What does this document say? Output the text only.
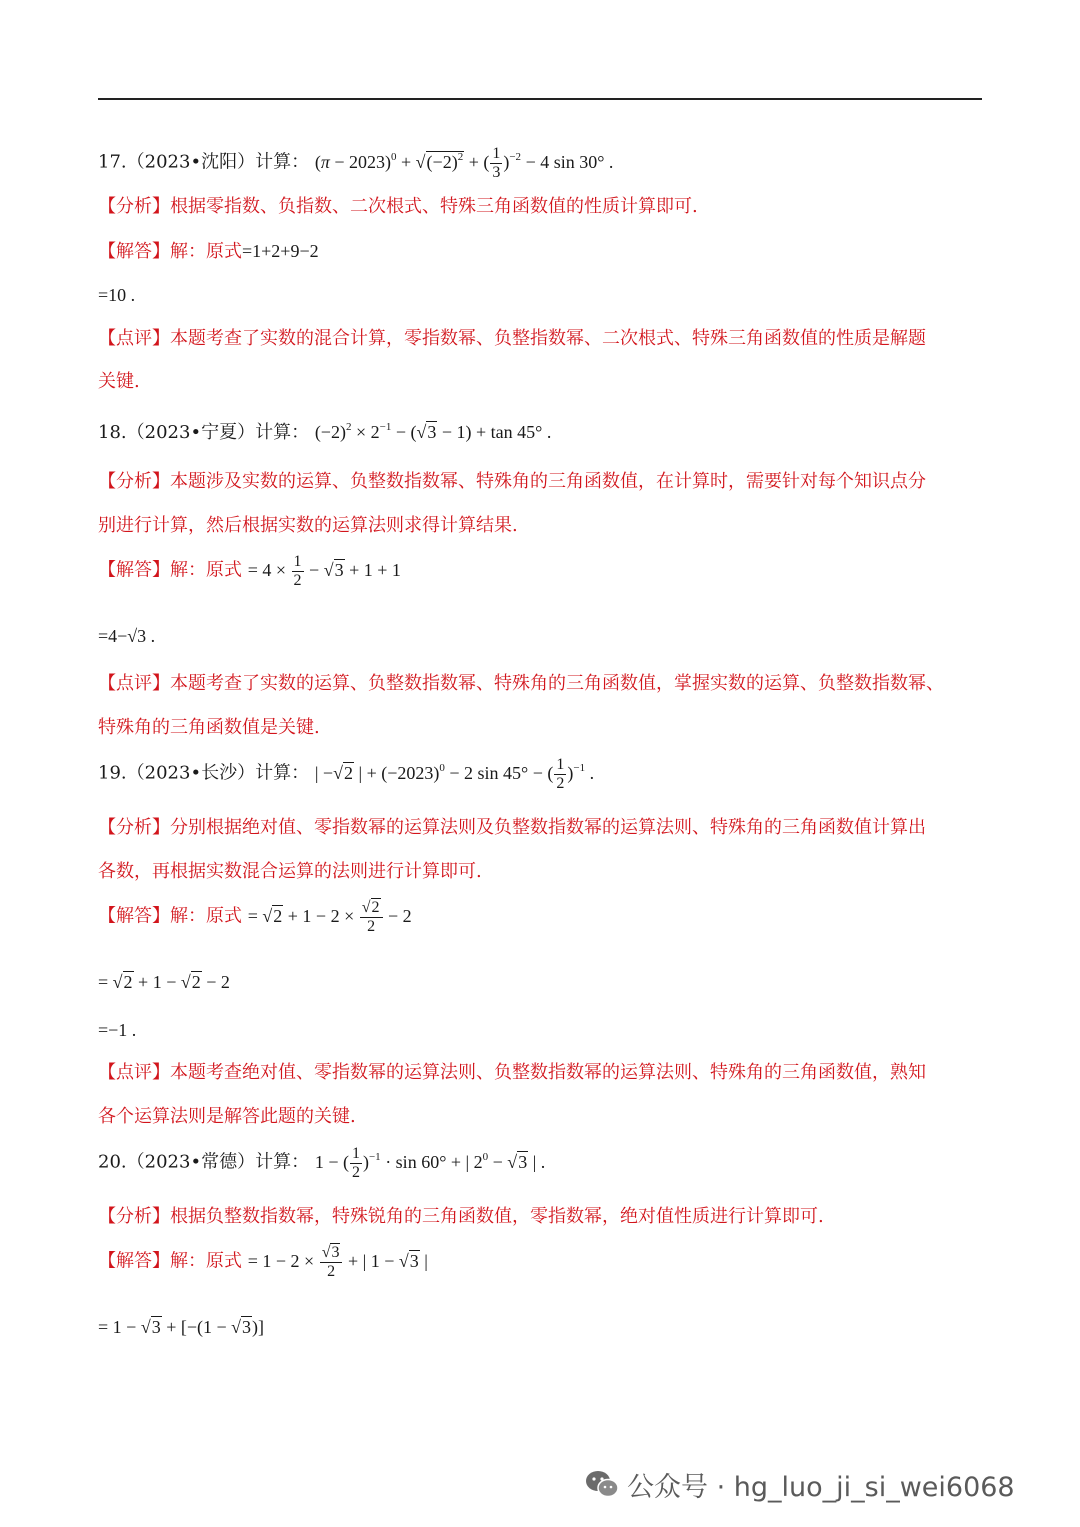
17.（2023•沈阳）计算： $(\pi - 2023)^0 + √(-2)^2$ + ( $\frac{1}{3} )^{-2} - 4$ sin 30° .
【分析】根据零指数、负指数、二次根式、特殊三角函数值的性质计算即可.
【解答】解：原式=1+2+9−2
=10 .
【点评】本题考查了实数的混合计算，零指数幂、负整指数幂、二次根式、特殊三角函数值的性质是解题
关键.
18.（2023•宁夏）计算： $(-2)^2 \times 2^{-1} - (√3 - 1) + \tan 45^\circ$ .
【分析】本题涉及实数的运算、负整数指数幂、特殊角的三角函数值，在计算时，需要针对每个知识点分
别进行计算，然后根据实数的运算法则求得计算结果.
【解答】解：原式 = $4 \times \frac{1}{2} - √3 + 1 + 1$
=4−√3 .
【点评】本题考查了实数的运算、负整数指数幂、特殊角的三角函数值，掌握实数的运算、负整数指数幂、
特殊角的三角函数值是关键.
19.（2023•长沙）计算： | −√2 | + $(-2023)^0 - 2$ sin 45° − ( $\frac{1}{2} )^{-1}$ .
【分析】分别根据绝对值、零指数幂的运算法则及负整数指数幂的运算法则、特殊角的三角函数值计算出
各数，再根据实数混合运算的法则进行计算即可.
【解答】解：原式 = $√2 + 1 - 2 \times \frac{√2}{2} - 2$
= √2 + 1 − √2 − 2
=−1 .
【点评】本题考查绝对值、零指数幂的运算法则、负整数指数幂的运算法则、特殊角的三角函数值，熟知
各个运算法则是解答此题的关键.
20.（2023•常德）计算： 1 − ( $\frac{1}{2} )^{-1} \cdot \sin 60^\circ$ + | $2^0 - √3$ | .
【分析】根据负整数指数幂，特殊锐角的三角函数值，零指数幂，绝对值性质进行计算即可.
【解答】解：原式 = $1 - 2 \times \frac{√3}{2}$ + | 1 − √3 |
= 1 − √3 + [−(1 − √3)]
公众号 · hg_luo_ji_si_wei6068
